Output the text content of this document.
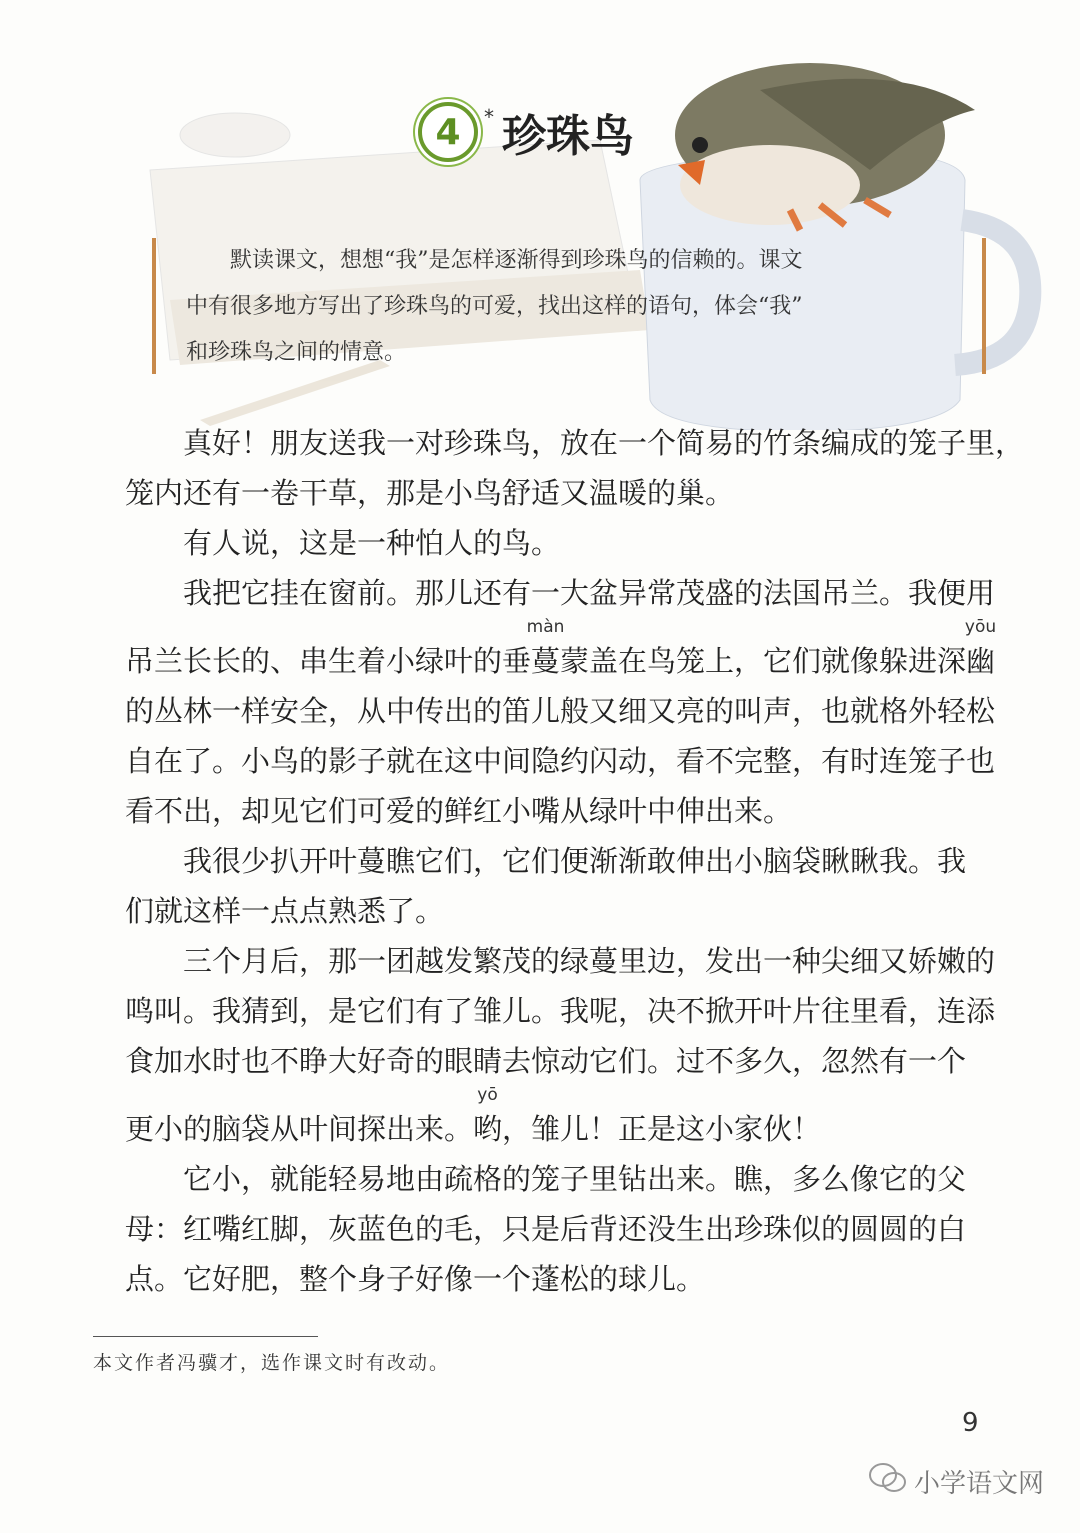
4	* 珍珠鸟

　　默读课文，想想“我”是怎样逐渐得到珍珠鸟的信赖的。课文

中有很多地方写出了珍珠鸟的可爱，找出这样的语句，体会“我”

和珍珠鸟之间的情意。

真好！朋友送我一对珍珠鸟，放在一个简易的竹条编成的笼子里，
笼内还有一卷干草，那是小鸟舒适又温暖的巢。
有人说，这是一种怕人的鸟。
我把它挂在窗前。那儿还有一大盆异常茂盛的法国吊兰。我便用
吊兰长长的、串生着小绿叶的垂蔓
màn
蒙盖在鸟笼上，它们就像躲进深幽
yōu
的丛林一样安全，从中传出的笛儿般又细又亮的叫声，也就格外轻松
自在了。小鸟的影子就在这中间隐约闪动，看不完整，有时连笼子也
看不出，却见它们可爱的鲜红小嘴从绿叶中伸出来。
我很少扒开叶蔓瞧它们，它们便渐渐敢伸出小脑袋瞅瞅我。我
们就这样一点点熟悉了。
三个月后，那一团越发繁茂的绿蔓里边，发出一种尖细又娇嫩的
鸣叫。我猜到，是它们有了雏儿。我呢，决不掀开叶片往里看，连添
食加水时也不睁大好奇的眼睛去惊动它们。过不多久，忽然有一个
更小的脑袋从叶间探出来。哟
yō
，雏儿！正是这小家伙！
它小，就能轻易地由疏格的笼子里钻出来。瞧，多么像它的父
母：红嘴红脚，灰蓝色的毛，只是后背还没生出珍珠似的圆圆的白
点。它好肥，整个身子好像一个蓬松的球儿。
本文作者冯骥才，选作课文时有改动。
9
小学语文网
